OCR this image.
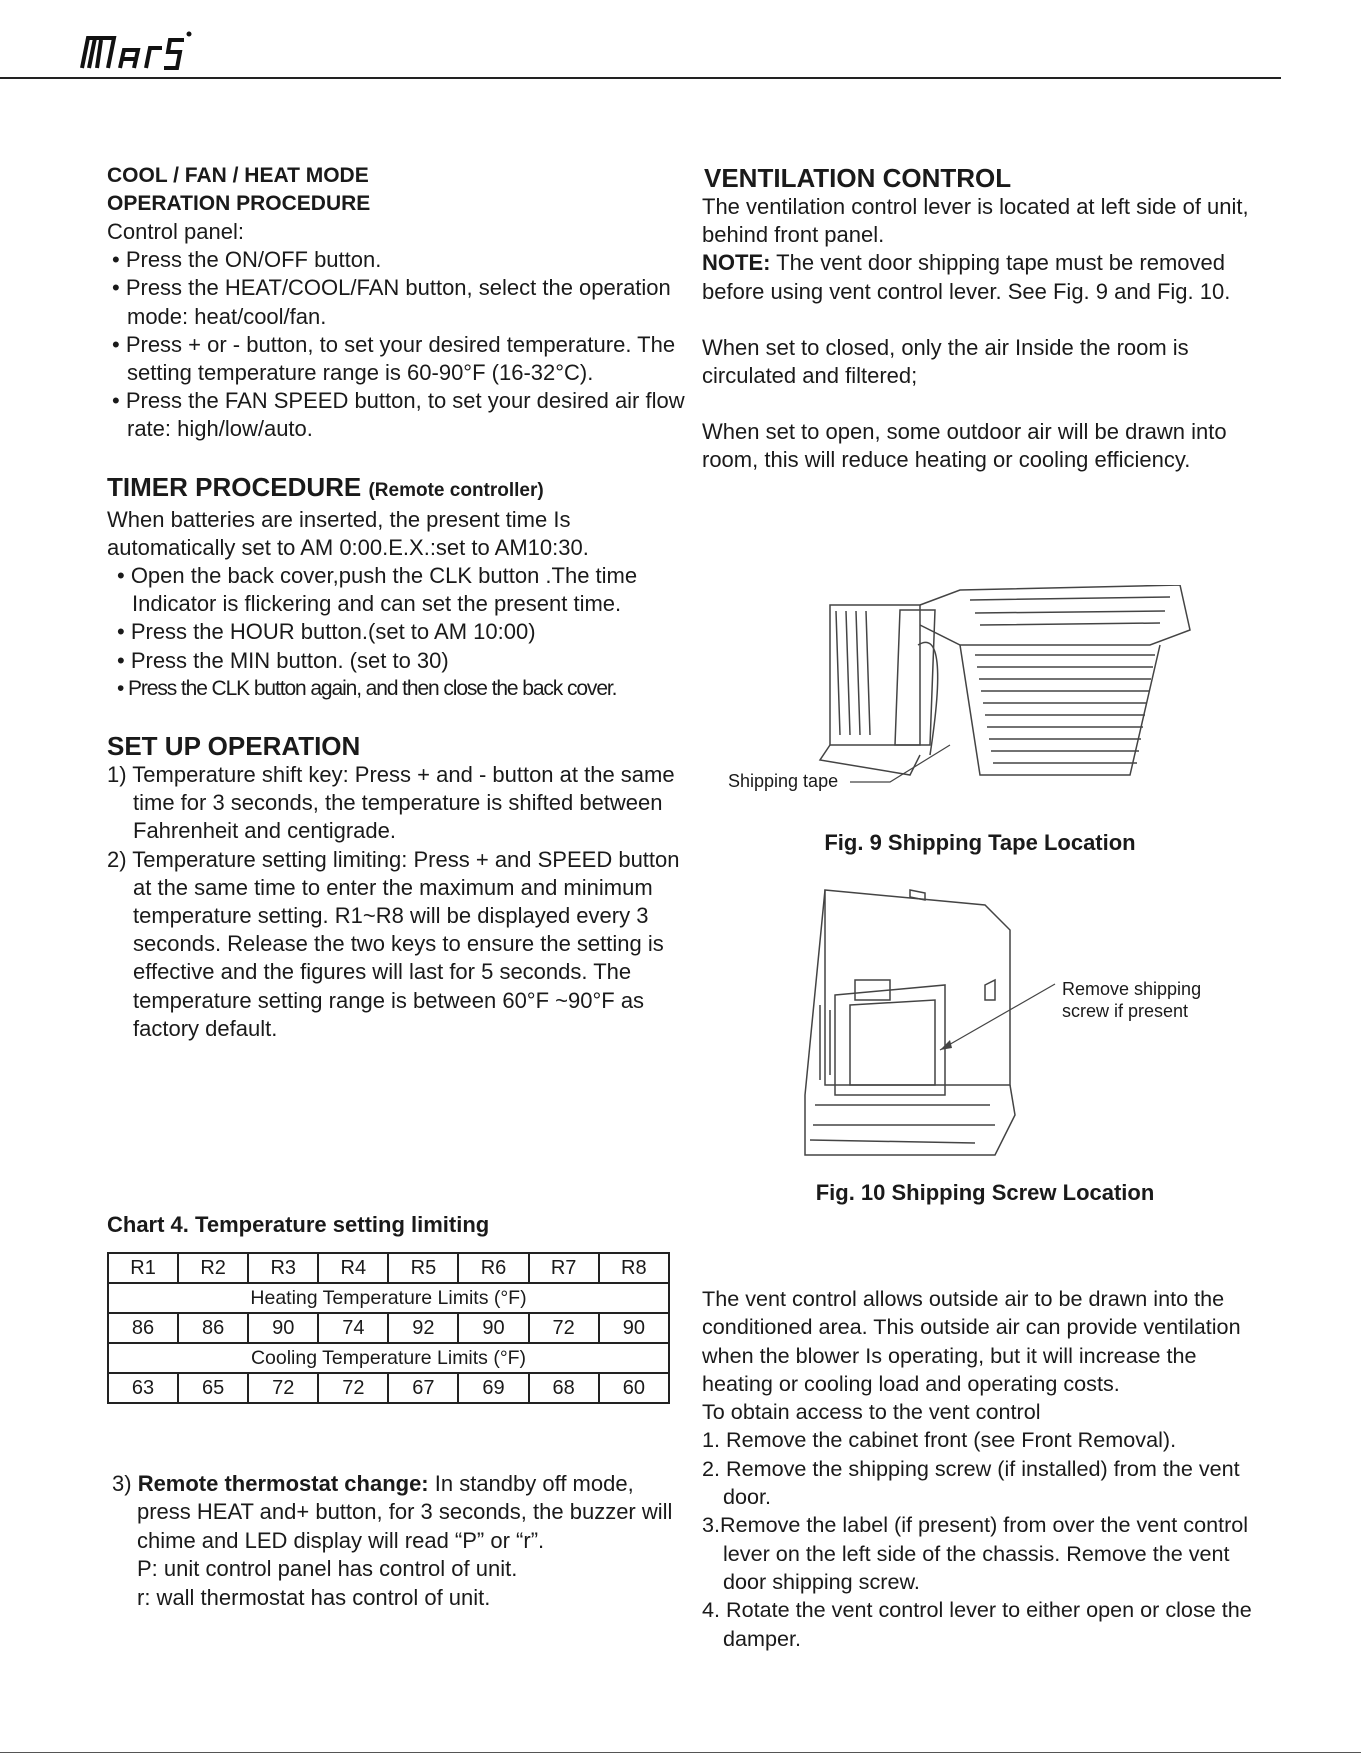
COOL / FAN / HEAT MODE

OPERATION PROCEDURE

Control panel:

• Press the ON/OFF button.

• Press the HEAT/COOL/FAN button, select the operation mode: heat/cool/fan.

• Press + or - button, to set your desired temperature. The setting temperature range is 60-90°F (16-32°C).

• Press the FAN SPEED button, to set your desired air flow rate: high/low/auto.

TIMER PROCEDURE (Remote controller)

When batteries are inserted, the present time Is automatically set to AM 0:00.E.X.:set to AM10:30.

• Open the back cover,push the CLK button .The time Indicator is flickering and can set the present time.

• Press the HOUR button.(set to AM 10:00)

• Press the MIN button. (set to 30)

• Press the CLK button again, and then close the back cover.

SET UP OPERATION

1) Temperature shift key: Press + and - button at the same time for 3 seconds, the temperature is shifted between Fahrenheit and centigrade.

2) Temperature setting limiting: Press + and SPEED button at the same time to enter the maximum and minimum temperature setting. R1~R8 will be displayed every 3 seconds. Release the two keys to ensure the setting is effective and the figures will last for 5 seconds. The temperature setting range is between 60°F ~90°F as factory default.

Chart 4. Temperature setting limiting
R1	R2	R3	R4	R5	R6	R7	R8
Heating Temperature Limits (°F)							
86	86	90	74	92	90	72	90
Cooling Temperature Limits (°F)							
63	65	72	72	67	69	68	60

3) Remote thermostat change: In standby off mode, press HEAT and+ button, for 3 seconds, the buzzer will chime and LED display will read “P” or “r”.

P: unit control panel has control of unit.

r: wall thermostat has control of unit.

VENTILATION CONTROL

The ventilation control lever is located at left side of unit, behind front panel.

NOTE: The vent door shipping tape must be removed before using vent control lever. See Fig. 9 and Fig. 10.

When set to closed, only the air Inside the room is circulated and filtered;

When set to open, some outdoor air will be drawn into room, this will reduce heating or cooling efficiency.

Shipping tape
Fig. 9 Shipping Tape Location
Remove shipping
screw if present
Fig. 10 Shipping Screw Location

The vent control allows outside air to be drawn into the conditioned area. This outside air can provide ventilation when the blower Is operating, but it will increase the heating or cooling load and operating costs.

To obtain access to the vent control

1. Remove the cabinet front (see Front Removal).

2. Remove the shipping screw (if installed) from the vent door.

3.Remove the label (if present) from over the vent control lever on the left side of the chassis. Remove the vent door shipping screw.

4. Rotate the vent control lever to either open or close the damper.
